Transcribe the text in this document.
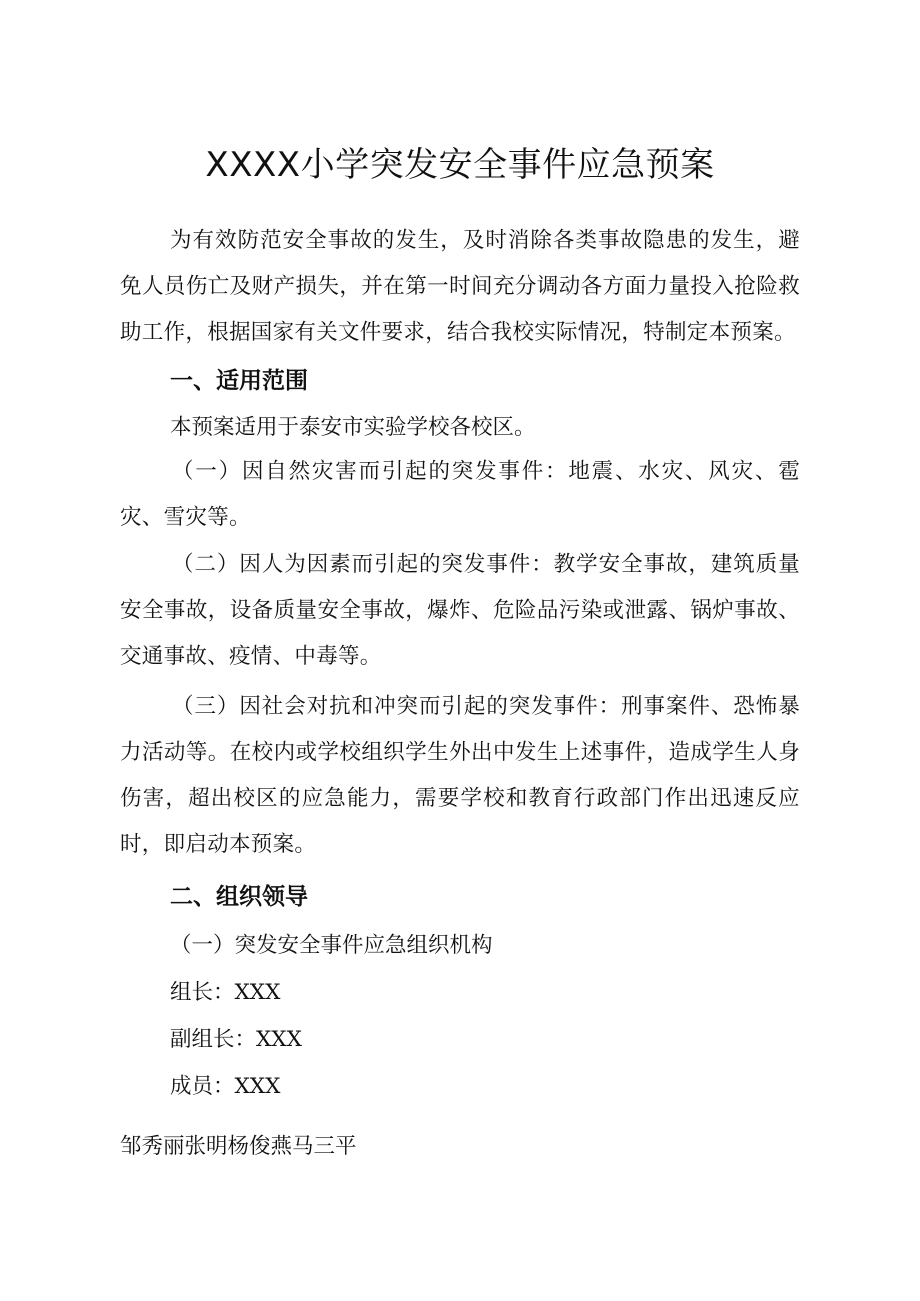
XXXX小学突发安全事件应急预案
为有效防范安全事故的发生，及时消除各类事故隐患的发生，避免人员伤亡及财产损失，并在第一时间充分调动各方面力量投入抢险救助工作，根据国家有关文件要求，结合我校实际情况，特制定本预案。
一、适用范围
本预案适用于泰安市实验学校各校区。
（一）因自然灾害而引起的突发事件：地震、水灾、风灾、雹灾、雪灾等。
（二）因人为因素而引起的突发事件：教学安全事故，建筑质量安全事故，设备质量安全事故，爆炸、危险品污染或泄露、锅炉事故、交通事故、疫情、中毒等。
（三）因社会对抗和冲突而引起的突发事件：刑事案件、恐怖暴力活动等。在校内或学校组织学生外出中发生上述事件，造成学生人身伤害，超出校区的应急能力，需要学校和教育行政部门作出迅速反应时，即启动本预案。
二、组织领导
（一）突发安全事件应急组织机构
组长：XXX
副组长：XXX
成员：XXX
邹秀丽张明杨俊燕马三平
